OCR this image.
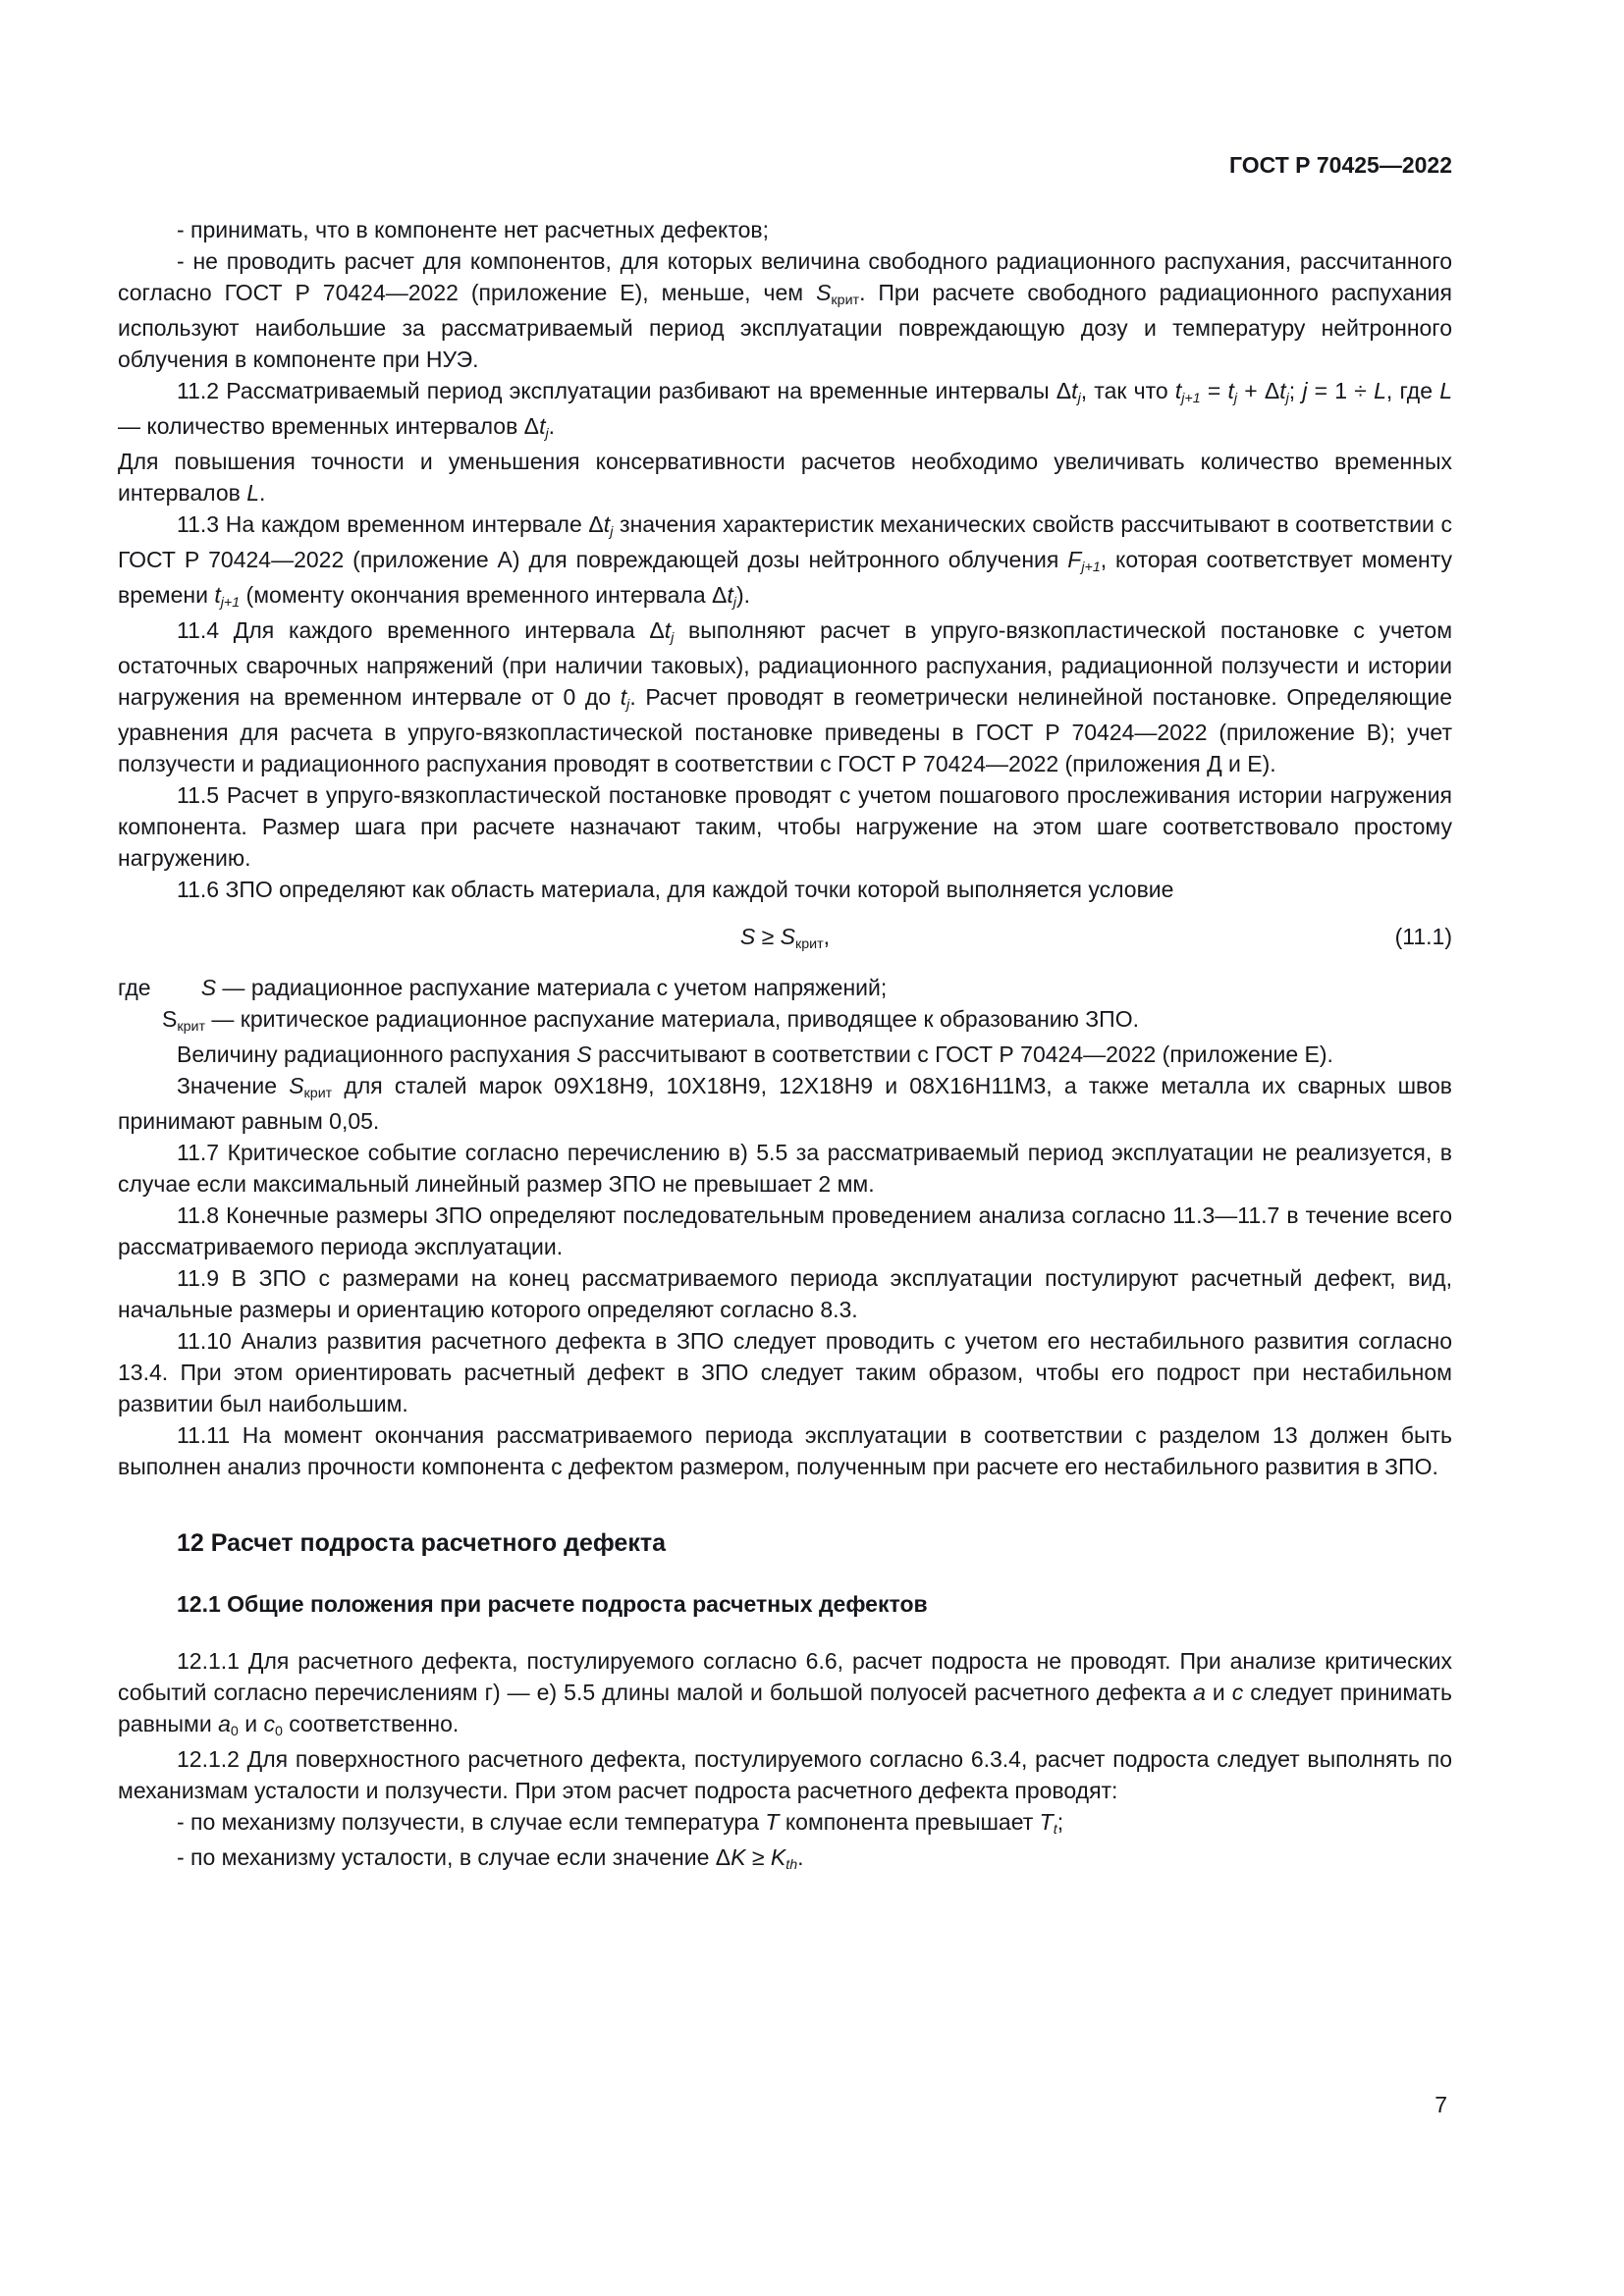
ГОСТ Р 70425—2022
- принимать, что в компоненте нет расчетных дефектов;
- не проводить расчет для компонентов, для которых величина свободного радиационного распухания, рассчитанного согласно ГОСТ Р 70424—2022 (приложение Е), меньше, чем Sкрит. При расчете свободного радиационного распухания используют наибольшие за рассматриваемый период эксплуатации повреждающую дозу и температуру нейтронного облучения в компоненте при НУЭ.
11.2 Рассматриваемый период эксплуатации разбивают на временные интервалы Δtj, так что tj+1 = tj + Δtj; j = 1 ÷ L, где L — количество временных интервалов Δtj.
Для повышения точности и уменьшения консервативности расчетов необходимо увеличивать количество временных интервалов L.
11.3 На каждом временном интервале Δtj значения характеристик механических свойств рассчитывают в соответствии с ГОСТ Р 70424—2022 (приложение А) для повреждающей дозы нейтронного облучения Fj+1, которая соответствует моменту времени tj+1 (моменту окончания временного интервала Δtj).
11.4 Для каждого временного интервала Δtj выполняют расчет в упруго-вязкопластической постановке с учетом остаточных сварочных напряжений (при наличии таковых), радиационного распухания, радиационной ползучести и истории нагружения на временном интервале от 0 до tj. Расчет проводят в геометрически нелинейной постановке. Определяющие уравнения для расчета в упруго-вязкопластической постановке приведены в ГОСТ Р 70424—2022 (приложение В); учет ползучести и радиационного распухания проводят в соответствии с ГОСТ Р 70424—2022 (приложения Д и Е).
11.5 Расчет в упруго-вязкопластической постановке проводят с учетом пошагового прослеживания истории нагружения компонента. Размер шага при расчете назначают таким, чтобы нагружение на этом шаге соответствовало простому нагружению.
11.6 ЗПО определяют как область материала, для каждой точки которой выполняется условие
S ≥ Sкрит,	(11.1)
где        S — радиационное распухание материала с учетом напряжений;
Sкрит — критическое радиационное распухание материала, приводящее к образованию ЗПО.
Величину радиационного распухания S рассчитывают в соответствии с ГОСТ Р 70424—2022 (приложение Е).
Значение Sкрит для сталей марок 09Х18Н9, 10Х18Н9, 12Х18Н9 и 08Х16Н11М3, а также металла их сварных швов принимают равным 0,05.
11.7 Критическое событие согласно перечислению в) 5.5 за рассматриваемый период эксплуатации не реализуется, в случае если максимальный линейный размер ЗПО не превышает 2 мм.
11.8 Конечные размеры ЗПО определяют последовательным проведением анализа согласно 11.3—11.7 в течение всего рассматриваемого периода эксплуатации.
11.9 В ЗПО с размерами на конец рассматриваемого периода эксплуатации постулируют расчетный дефект, вид, начальные размеры и ориентацию которого определяют согласно 8.3.
11.10 Анализ развития расчетного дефекта в ЗПО следует проводить с учетом его нестабильного развития согласно 13.4. При этом ориентировать расчетный дефект в ЗПО следует таким образом, чтобы его подрост при нестабильном развитии был наибольшим.
11.11 На момент окончания рассматриваемого периода эксплуатации в соответствии с разделом 13 должен быть выполнен анализ прочности компонента с дефектом размером, полученным при расчете его нестабильного развития в ЗПО.
12 Расчет подроста расчетного дефекта
12.1 Общие положения при расчете подроста расчетных дефектов
12.1.1 Для расчетного дефекта, постулируемого согласно 6.6, расчет подроста не проводят. При анализе критических событий согласно перечислениям г) — е) 5.5 длины малой и большой полуосей расчетного дефекта a и c следует принимать равными a0 и c0 соответственно.
12.1.2 Для поверхностного расчетного дефекта, постулируемого согласно 6.3.4, расчет подроста следует выполнять по механизмам усталости и ползучести. При этом расчет подроста расчетного дефекта проводят:
- по механизму ползучести, в случае если температура T компонента превышает Tt;
- по механизму усталости, в случае если значение ΔK ≥ Kth.
7
